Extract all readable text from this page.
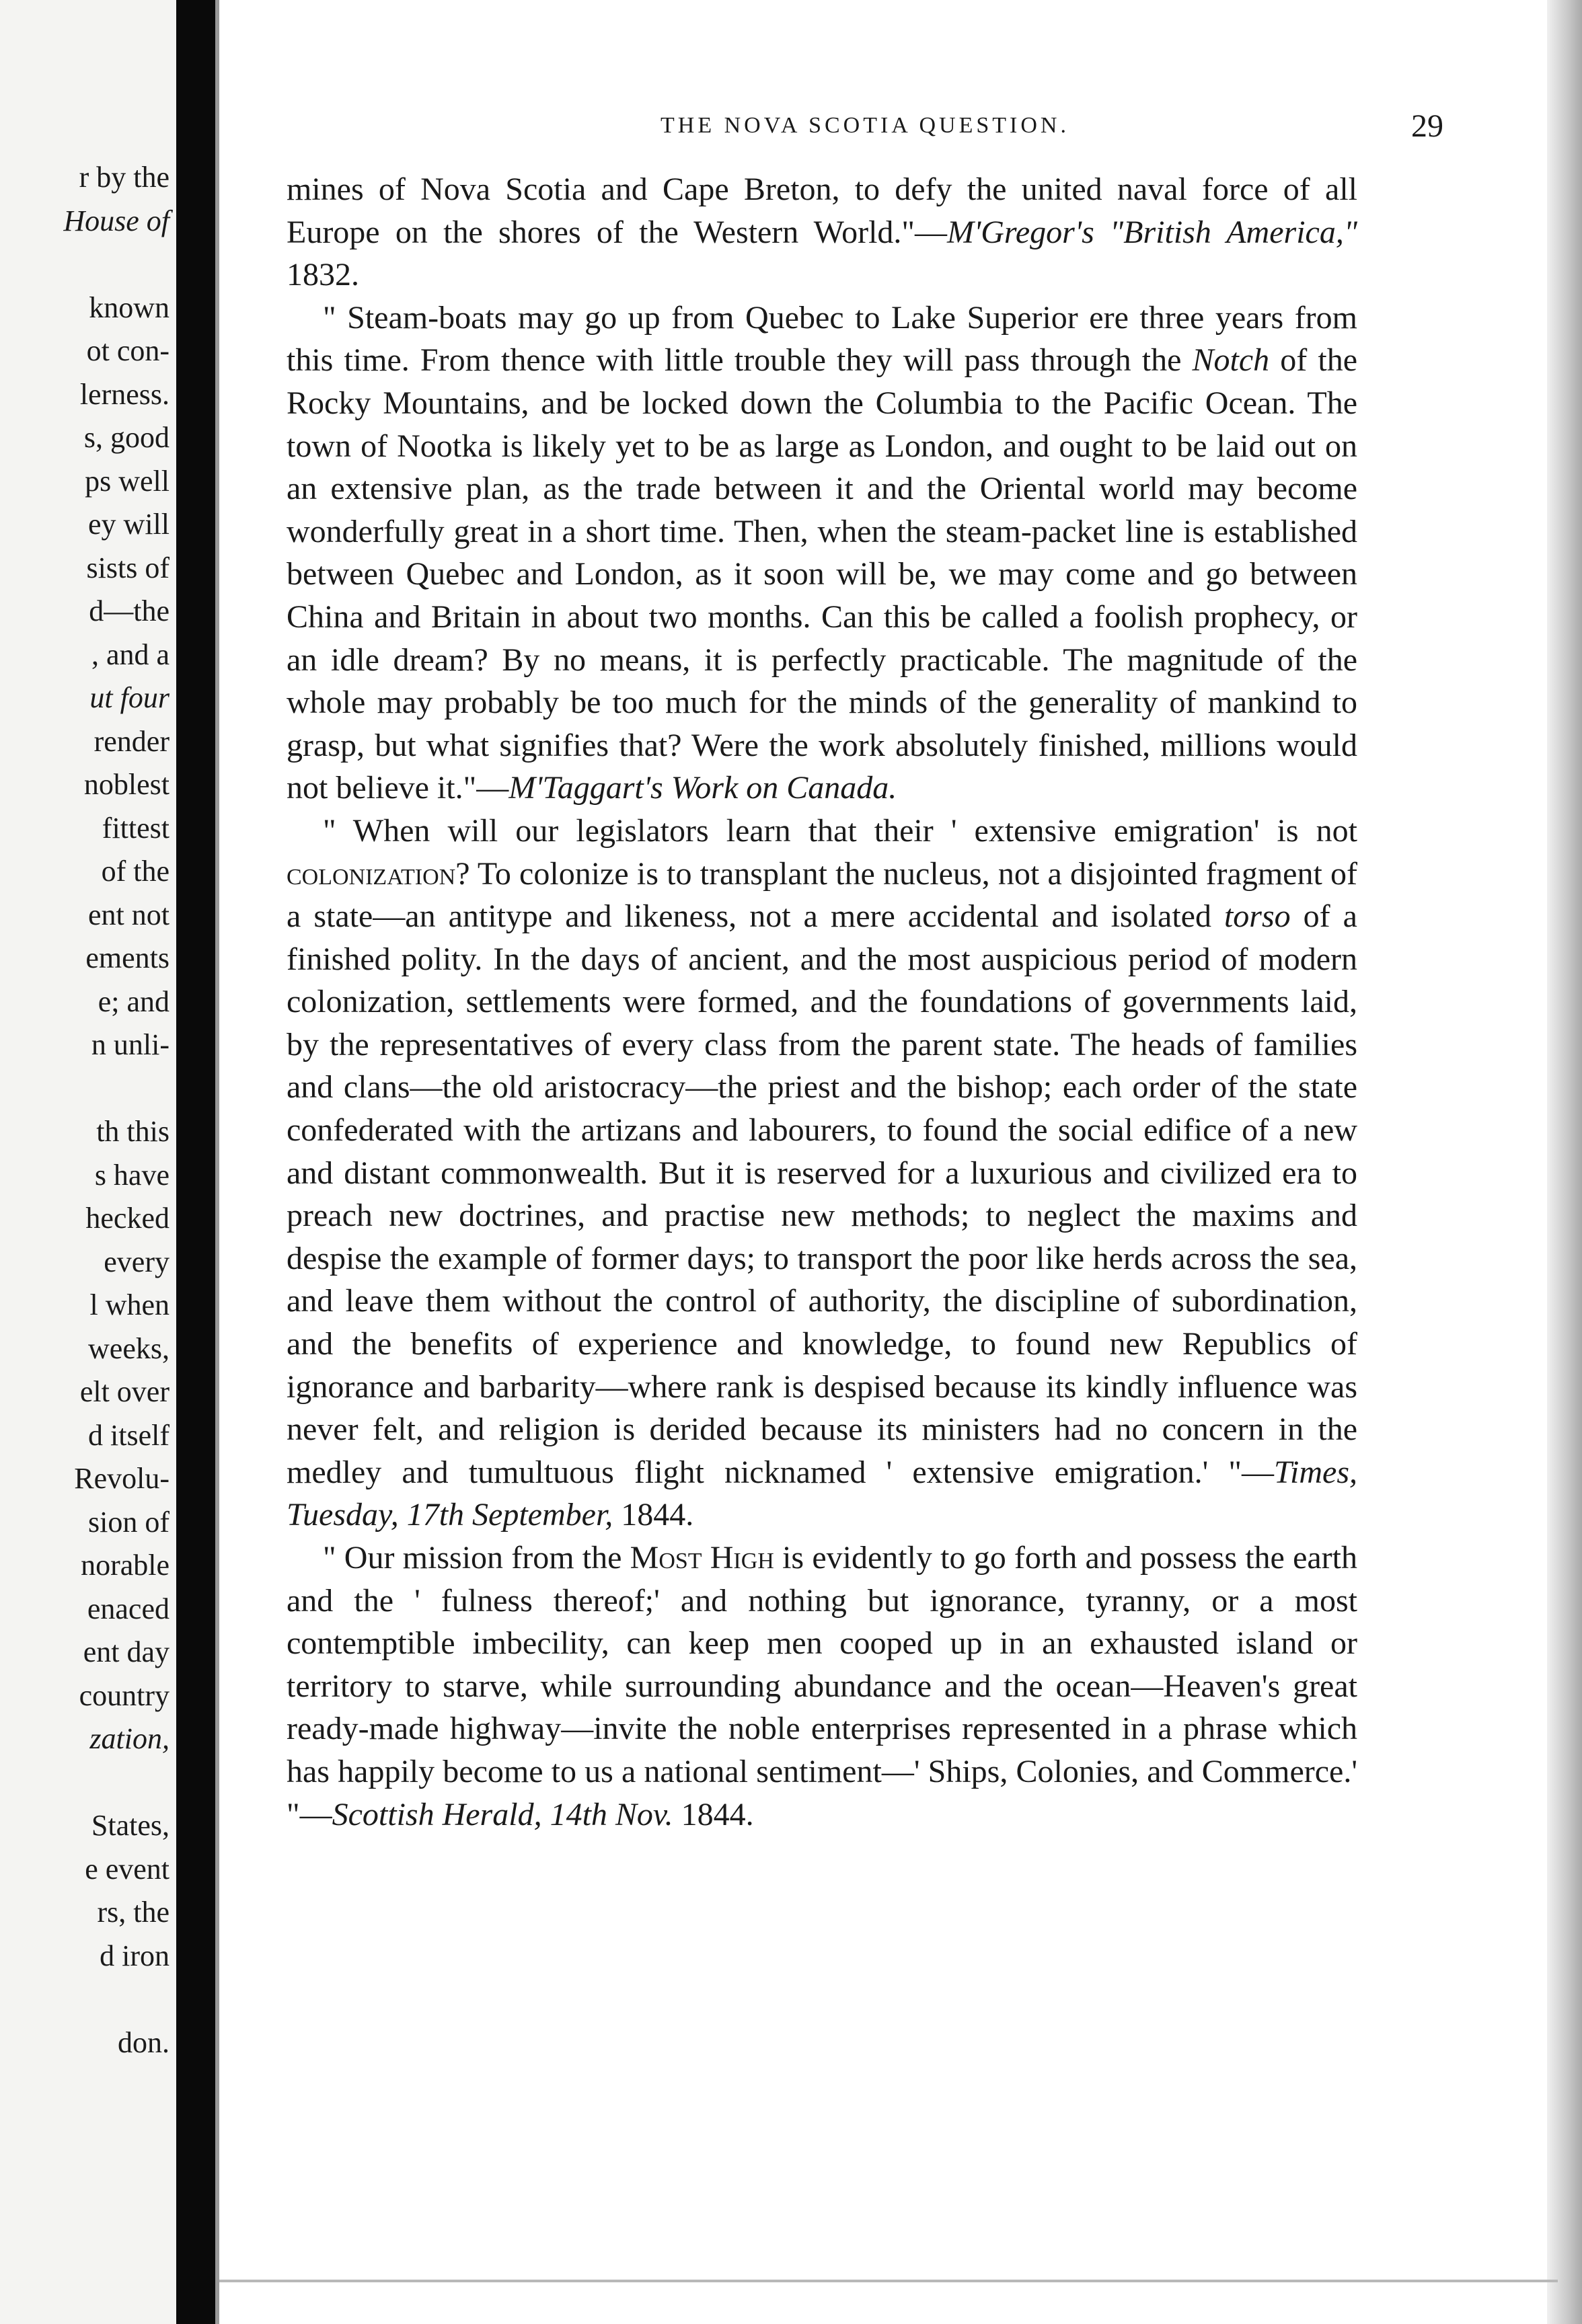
r by the
House of
known
ot con-
lerness.
s, good
ps well
ey will
sists of
d—the
, and a
ut four
render
noblest
fittest
of the
ent not
ements
e; and
n unli-
th this
s have
hecked
every
l when
weeks,
elt over
d itself
Revolu-
sion of
norable
enaced
ent day
country
zation,
States,
e event
rs, the
d iron
don.
THE NOVA SCOTIA QUESTION.	29

mines of Nova Scotia and Cape Breton, to defy the united naval force of all Europe on the shores of the Western World."—M'Gregor's "British America," 1832.

" Steam-boats may go up from Quebec to Lake Superior ere three years from this time. From thence with little trouble they will pass through the Notch of the Rocky Mountains, and be locked down the Columbia to the Pacific Ocean. The town of Nootka is likely yet to be as large as London, and ought to be laid out on an extensive plan, as the trade between it and the Oriental world may become wonderfully great in a short time. Then, when the steam-packet line is established between Quebec and London, as it soon will be, we may come and go between China and Britain in about two months. Can this be called a foolish prophecy, or an idle dream? By no means, it is perfectly practicable. The magnitude of the whole may probably be too much for the minds of the generality of mankind to grasp, but what signifies that? Were the work absolutely finished, millions would not believe it."—M'Taggart's Work on Canada.

" When will our legislators learn that their ' extensive emigration' is not colonization? To colonize is to transplant the nucleus, not a disjointed fragment of a state—an antitype and likeness, not a mere accidental and isolated torso of a finished polity. In the days of ancient, and the most auspicious period of modern colonization, settlements were formed, and the foundations of governments laid, by the representatives of every class from the parent state. The heads of families and clans—the old aristocracy—the priest and the bishop; each order of the state confederated with the artizans and labourers, to found the social edifice of a new and distant commonwealth. But it is reserved for a luxurious and civilized era to preach new doctrines, and practise new methods; to neglect the maxims and despise the example of former days; to transport the poor like herds across the sea, and leave them without the control of authority, the discipline of subordination, and the benefits of experience and knowledge, to found new Republics of ignorance and barbarity—where rank is despised because its kindly influence was never felt, and religion is derided because its ministers had no concern in the medley and tumultuous flight nicknamed ' extensive emigration.' "—Times, Tuesday, 17th September, 1844.

" Our mission from the Most High is evidently to go forth and possess the earth and the ' fulness thereof;' and nothing but ignorance, tyranny, or a most contemptible imbecility, can keep men cooped up in an exhausted island or territory to starve, while surrounding abundance and the ocean—Heaven's great ready-made highway—invite the noble enterprises represented in a phrase which has happily become to us a national sentiment—' Ships, Colonies, and Commerce.' "—Scottish Herald, 14th Nov. 1844.
